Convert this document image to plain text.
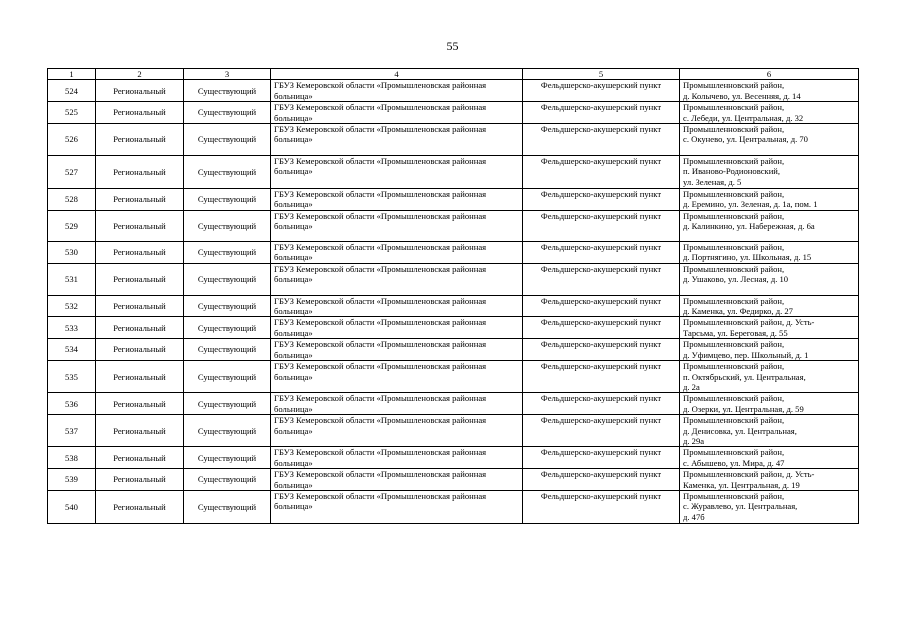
55
1	2	3	4	5	6
524	Региональный	Существующий	ГБУЗ Кемеровской области «Промышленовская районная больница»	Фельдшерско-акушерский пункт	Промышленновский район,
д. Колычево, ул. Весенняя, д. 14
525	Региональный	Существующий	ГБУЗ Кемеровской области «Промышленовская районная больница»	Фельдшерско-акушерский пункт	Промышленновский район,
с. Лебеди, ул. Центральная, д. 32
526	Региональный	Существующий	ГБУЗ Кемеровской области «Промышленовская районная больница»	Фельдшерско-акушерский пункт	Промышленновский район,
с. Окунево, ул. Центральная, д. 70
527	Региональный	Существующий	ГБУЗ Кемеровской области «Промышленовская районная больница»	Фельдшерско-акушерский пункт	Промышленновский район,
п. Иваново-Родионовский,
ул. Зеленая, д. 5
528	Региональный	Существующий	ГБУЗ Кемеровской области «Промышленовская районная больница»	Фельдшерско-акушерский пункт	Промышленновский район,
д. Еремино, ул. Зеленая, д. 1а, пом. 1
529	Региональный	Существующий	ГБУЗ Кемеровской области «Промышленовская районная больница»	Фельдшерско-акушерский пункт	Промышленновский район,
д. Калинкино, ул. Набережная, д. 6а
530	Региональный	Существующий	ГБУЗ Кемеровской области «Промышленовская районная больница»	Фельдшерско-акушерский пункт	Промышленновский район,
д. Портнягино, ул. Школьная, д. 15
531	Региональный	Существующий	ГБУЗ Кемеровской области «Промышленовская районная больница»	Фельдшерско-акушерский пункт	Промышленновский район,
д. Ушаково, ул. Лесная, д. 10
532	Региональный	Существующий	ГБУЗ Кемеровской области «Промышленовская районная больница»	Фельдшерско-акушерский пункт	Промышленновский район,
д. Каменка, ул. Федирко, д. 27
533	Региональный	Существующий	ГБУЗ Кемеровской области «Промышленовская районная больница»	Фельдшерско-акушерский пункт	Промышленновский район, д. Усть-
Тарсьма, ул. Береговая, д. 55
534	Региональный	Существующий	ГБУЗ Кемеровской области «Промышленовская районная больница»	Фельдшерско-акушерский пункт	Промышленновский район,
д. Уфимцево, пер. Школьный, д. 1
535	Региональный	Существующий	ГБУЗ Кемеровской области «Промышленовская районная больница»	Фельдшерско-акушерский пункт	Промышленновский район,
п. Октябрьский, ул. Центральная,
д. 2а
536	Региональный	Существующий	ГБУЗ Кемеровской области «Промышленовская районная больница»	Фельдшерско-акушерский пункт	Промышленновский район,
д. Озерки, ул. Центральная, д. 59
537	Региональный	Существующий	ГБУЗ Кемеровской области «Промышленовская районная больница»	Фельдшерско-акушерский пункт	Промышленновский район,
д. Денисовка, ул. Центральная,
д. 29а
538	Региональный	Существующий	ГБУЗ Кемеровской области «Промышленовская районная больница»	Фельдшерско-акушерский пункт	Промышленновский район,
с. Абышево, ул. Мира, д. 47
539	Региональный	Существующий	ГБУЗ Кемеровской области «Промышленовская районная больница»	Фельдшерско-акушерский пункт	Промышленновский район, д. Усть-
Каменка, ул. Центральная, д. 19
540	Региональный	Существующий	ГБУЗ Кемеровской области «Промышленовская районная больница»	Фельдшерско-акушерский пункт	Промышленновский район,
с. Журавлево, ул. Центральная,
д. 47б
